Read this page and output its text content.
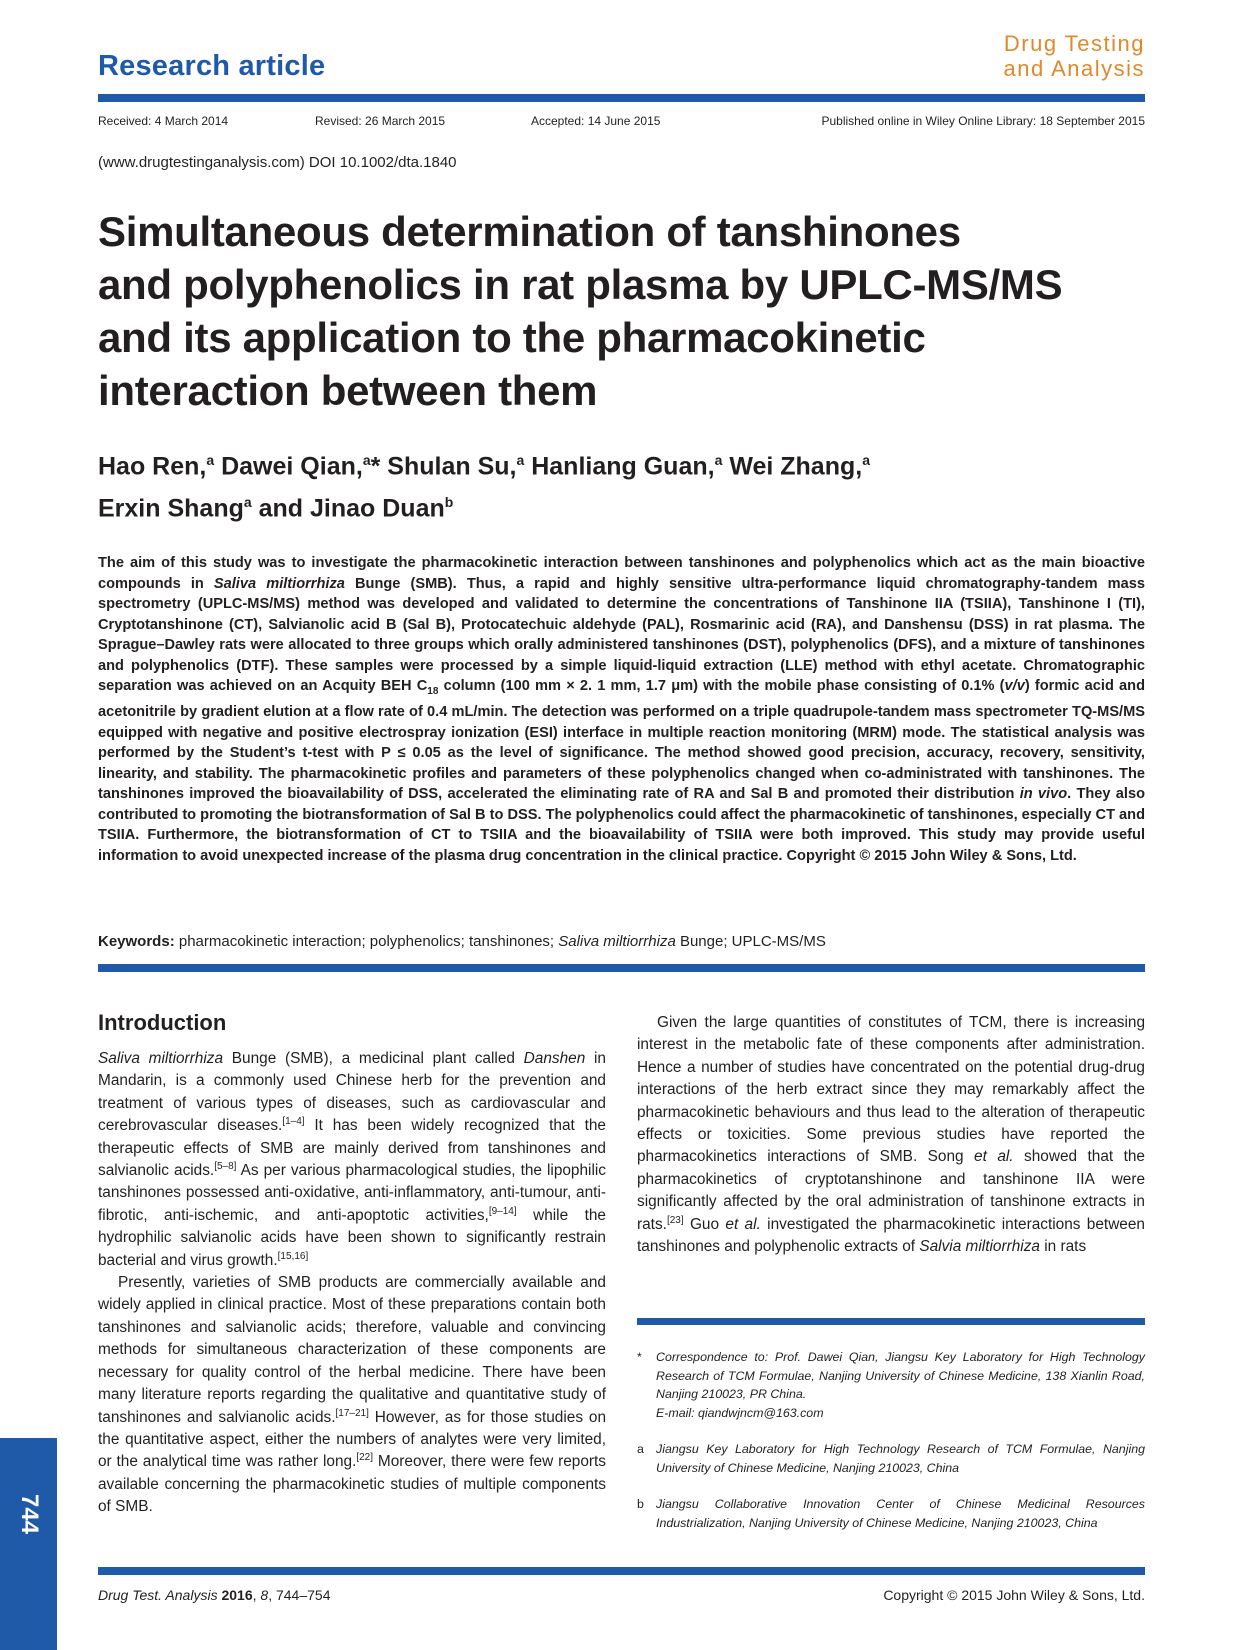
Research article
Drug Testing
and Analysis
Received: 4 March 2014	Revised: 26 March 2015	Accepted: 14 June 2015	Published online in Wiley Online Library: 18 September 2015
(www.drugtestinganalysis.com) DOI 10.1002/dta.1840
Simultaneous determination of tanshinones
and polyphenolics in rat plasma by UPLC-MS/MS
and its application to the pharmacokinetic
interaction between them
Hao Ren,$^a$ Dawei Qian,$^a$* Shulan Su,$^a$ Hanliang Guan,$^a$ Wei Zhang,$^a$
Erxin Shang$^a$ and Jinao Duan$^b$
The aim of this study was to investigate the pharmacokinetic interaction between tanshinones and polyphenolics which act as the main bioactive compounds in Saliva miltiorrhiza Bunge (SMB). Thus, a rapid and highly sensitive ultra-performance liquid chromatography-tandem mass spectrometry (UPLC-MS/MS) method was developed and validated to determine the concentrations of Tanshinone IIA (TSIIA), Tanshinone I (TI), Cryptotanshinone (CT), Salvianolic acid B (Sal B), Protocatechuic aldehyde (PAL), Rosmarinic acid (RA), and Danshensu (DSS) in rat plasma. The Sprague–Dawley rats were allocated to three groups which orally administered tanshinones (DST), polyphenolics (DFS), and a mixture of tanshinones and polyphenolics (DTF). These samples were processed by a simple liquid-liquid extraction (LLE) method with ethyl acetate. Chromatographic separation was achieved on an Acquity BEH $C_{18}$ column (100 mm × 2. 1 mm, 1.7 μm) with the mobile phase consisting of 0.1% (v/v) formic acid and acetonitrile by gradient elution at a flow rate of 0.4 mL/min. The detection was performed on a triple quadrupole-tandem mass spectrometer TQ-MS/MS equipped with negative and positive electrospray ionization (ESI) interface in multiple reaction monitoring (MRM) mode. The statistical analysis was performed by the Student’s t-test with P ≤ 0.05 as the level of significance. The method showed good precision, accuracy, recovery, sensitivity, linearity, and stability. The pharmacokinetic profiles and parameters of these polyphenolics changed when co-administrated with tanshinones. The tanshinones improved the bioavailability of DSS, accelerated the eliminating rate of RA and Sal B and promoted their distribution in vivo. They also contributed to promoting the biotransformation of Sal B to DSS. The polyphenolics could affect the pharmacokinetic of tanshinones, especially CT and TSIIA. Furthermore, the biotransformation of CT to TSIIA and the bioavailability of TSIIA were both improved. This study may provide useful information to avoid unexpected increase of the plasma drug concentration in the clinical practice. Copyright © 2015 John Wiley & Sons, Ltd.
Keywords: pharmacokinetic interaction; polyphenolics; tanshinones; Saliva miltiorrhiza Bunge; UPLC-MS/MS
Introduction

Saliva miltiorrhiza Bunge (SMB), a medicinal plant called Danshen in Mandarin, is a commonly used Chinese herb for the prevention and treatment of various types of diseases, such as cardiovascular and cerebrovascular diseases.[1–4] It has been widely recognized that the therapeutic effects of SMB are mainly derived from tanshinones and salvianolic acids.[5–8] As per various pharmacological studies, the lipophilic tanshinones possessed anti-oxidative, anti-inflammatory, anti-tumour, anti-fibrotic, anti-ischemic, and anti-apoptotic activities,[9–14] while the hydrophilic salvianolic acids have been shown to significantly restrain bacterial and virus growth.[15,16]

Presently, varieties of SMB products are commercially available and widely applied in clinical practice. Most of these preparations contain both tanshinones and salvianolic acids; therefore, valuable and convincing methods for simultaneous characterization of these components are necessary for quality control of the herbal medicine. There have been many literature reports regarding the qualitative and quantitative study of tanshinones and salvianolic acids.[17–21] However, as for those studies on the quantitative aspect, either the numbers of analytes were very limited, or the analytical time was rather long.[22] Moreover, there were few reports available concerning the pharmacokinetic studies of multiple components of SMB.

Given the large quantities of constitutes of TCM, there is increasing interest in the metabolic fate of these components after administration. Hence a number of studies have concentrated on the potential drug-drug interactions of the herb extract since they may remarkably affect the pharmacokinetic behaviours and thus lead to the alteration of therapeutic effects or toxicities. Some previous studies have reported the pharmacokinetics interactions of SMB. Song et al. showed that the pharmacokinetics of cryptotanshinone and tanshinone IIA were significantly affected by the oral administration of tanshinone extracts in rats.[23] Guo et al. investigated the pharmacokinetic interactions between tanshinones and polyphenolic extracts of Salvia miltiorrhiza in rats

* Correspondence to: Prof. Dawei Qian, Jiangsu Key Laboratory for High Technology Research of TCM Formulae, Nanjing University of Chinese Medicine, 138 Xianlin Road, Nanjing 210023, PR China.
E-mail: qiandwjncm@163.com
a Jiangsu Key Laboratory for High Technology Research of TCM Formulae, Nanjing University of Chinese Medicine, Nanjing 210023, China
b Jiangsu Collaborative Innovation Center of Chinese Medicinal Resources Industrialization, Nanjing University of Chinese Medicine, Nanjing 210023, China
744
Drug Test. Analysis 2016, 8, 744–754	Copyright © 2015 John Wiley & Sons, Ltd.
